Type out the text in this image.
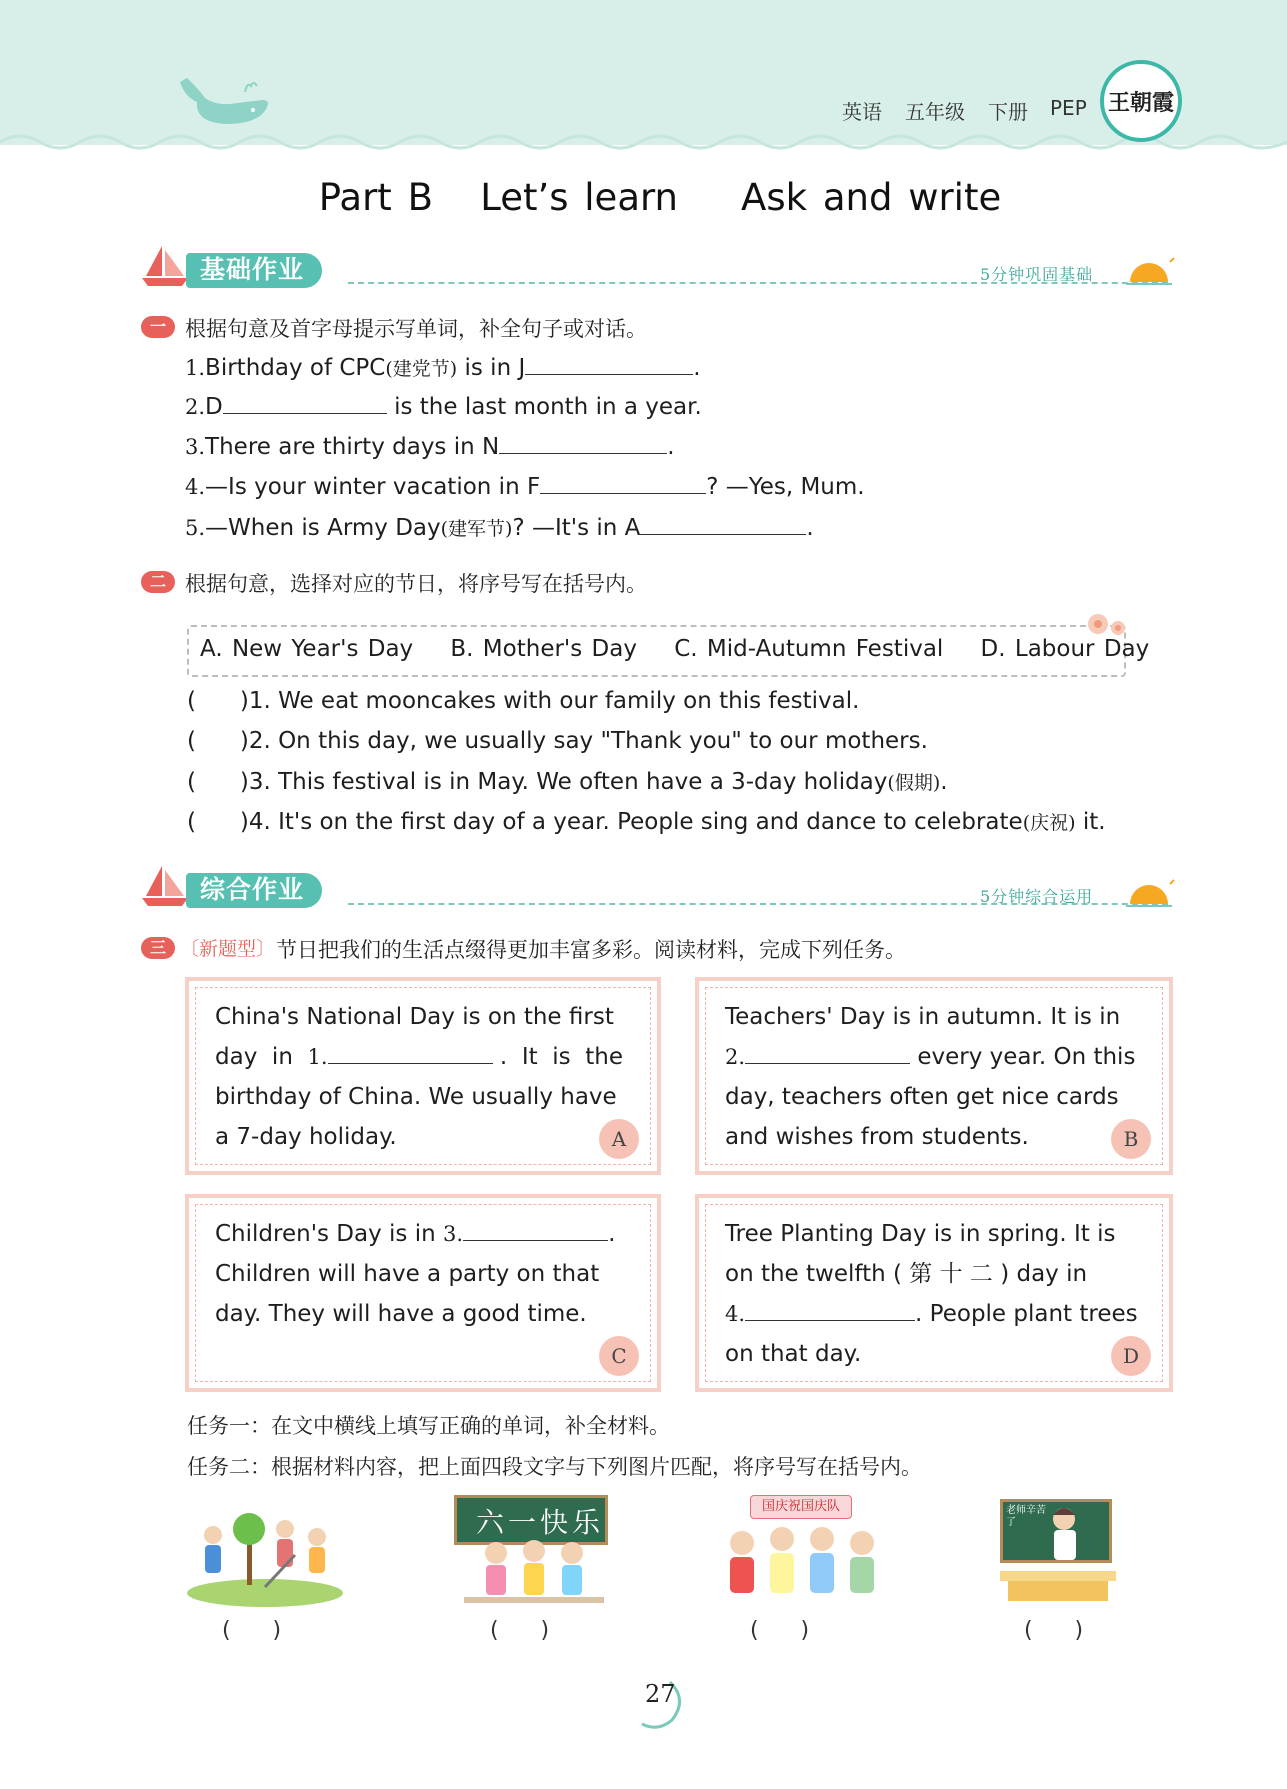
英语 五年级 下册 PEP 王朝霞
Part B   Let’s learn    Ask and write
基础作业	5分钟巩固基础
一 根据句意及首字母提示写单词，补全句子或对话。
1.Birthday of CPC(建党节) is in J	.
2.D	is the last month in a year.
3.There are thirty days in N	.
4.—Is your winter vacation in F	? —Yes, Mum.
5.—When is Army Day(建军节)? —It's in A	.
二 根据句意，选择对应的节日，将序号写在括号内。
A. New Year's Day    B. Mother's Day    C. Mid-Autumn Festival    D. Labour Day
(      )1. We eat mooncakes with our family on this festival.
(      )2. On this day, we usually say "Thank you" to our mothers.
(      )3. This festival is in May. We often have a 3-day holiday(假期).
(      )4. It's on the first day of a year. People sing and dance to celebrate(庆祝) it.
综合作业	5分钟综合运用
三 〔新题型〕 节日把我们的生活点缀得更加丰富多彩。阅读材料，完成下列任务。

China's National Day is on the first

day  in  1.	.  It  is  the

birthday of China. We usually have

a 7-day holiday.	A

Teachers' Day is in autumn. It is in

2.	every year. On this

day, teachers often get nice cards

and wishes from students.	B

Children's Day is in 3.	.

Children will have a party on that

day. They will have a good time.

C

Tree Planting Day is in spring. It is

on the twelfth ( 第 十 二 ) day in

4.	. People plant trees

on that day.	D
任务一：在文中横线上填写正确的单词，补全材料。
任务二：根据材料内容，把上面四段文字与下列图片匹配，将序号写在括号内。
六一快乐	国庆祝国庆队	老师辛苦了
(      )	(      )	(      )	(      )
27
